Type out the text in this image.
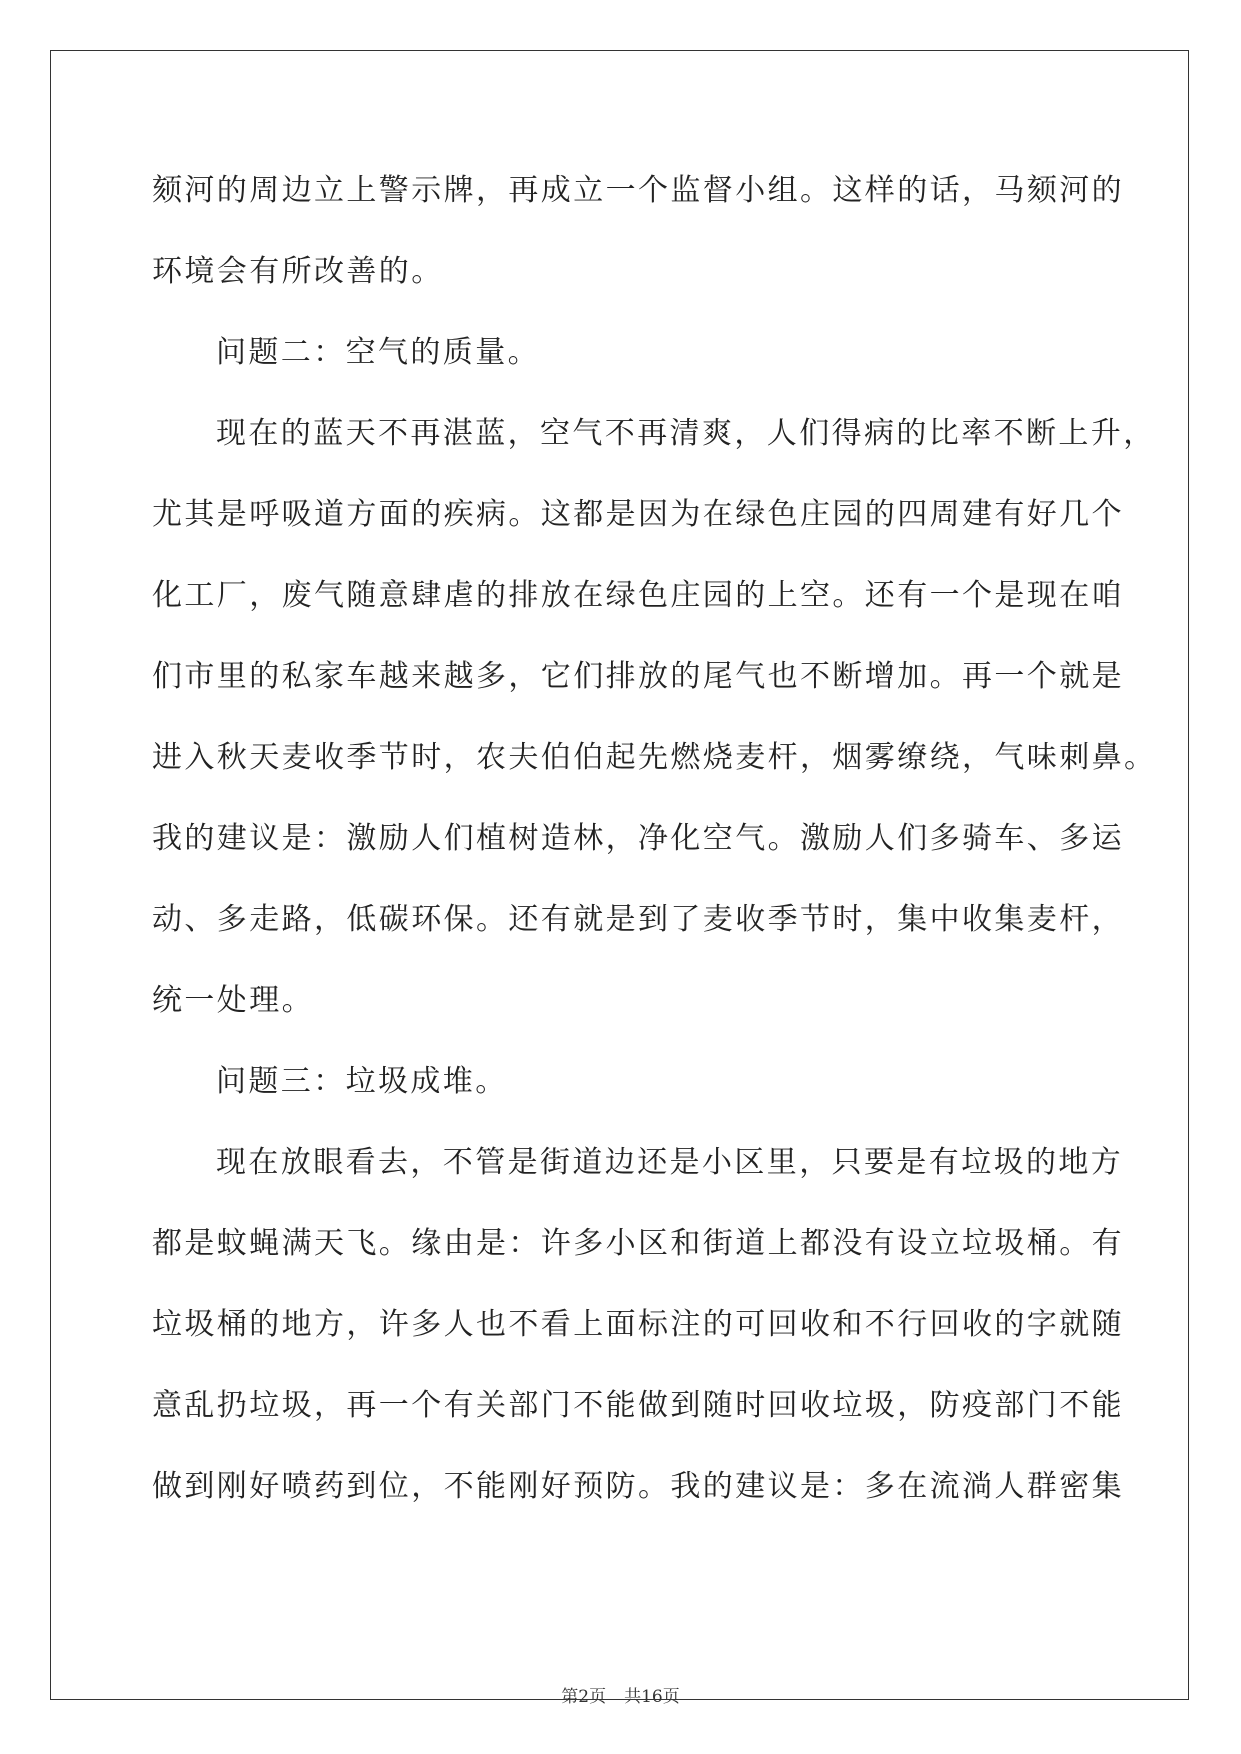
颏河的周边立上警示牌，再成立一个监督小组。这样的话，马颏河的
环境会有所改善的。
问题二：空气的质量。
现在的蓝天不再湛蓝，空气不再清爽，人们得病的比率不断上升，
尤其是呼吸道方面的疾病。这都是因为在绿色庄园的四周建有好几个
化工厂，废气随意肆虐的排放在绿色庄园的上空。还有一个是现在咱
们市里的私家车越来越多，它们排放的尾气也不断增加。再一个就是
进入秋天麦收季节时，农夫伯伯起先燃烧麦杆，烟雾缭绕，气味刺鼻。
我的建议是：激励人们植树造林，净化空气。激励人们多骑车、多运
动、多走路，低碳环保。还有就是到了麦收季节时，集中收集麦杆，
统一处理。
问题三：垃圾成堆。
现在放眼看去，不管是街道边还是小区里，只要是有垃圾的地方
都是蚊蝇满天飞。缘由是：许多小区和街道上都没有设立垃圾桶。有
垃圾桶的地方，许多人也不看上面标注的可回收和不行回收的字就随
意乱扔垃圾，再一个有关部门不能做到随时回收垃圾，防疫部门不能
做到刚好喷药到位，不能刚好预防。我的建议是：多在流淌人群密集
第2页 共16页
